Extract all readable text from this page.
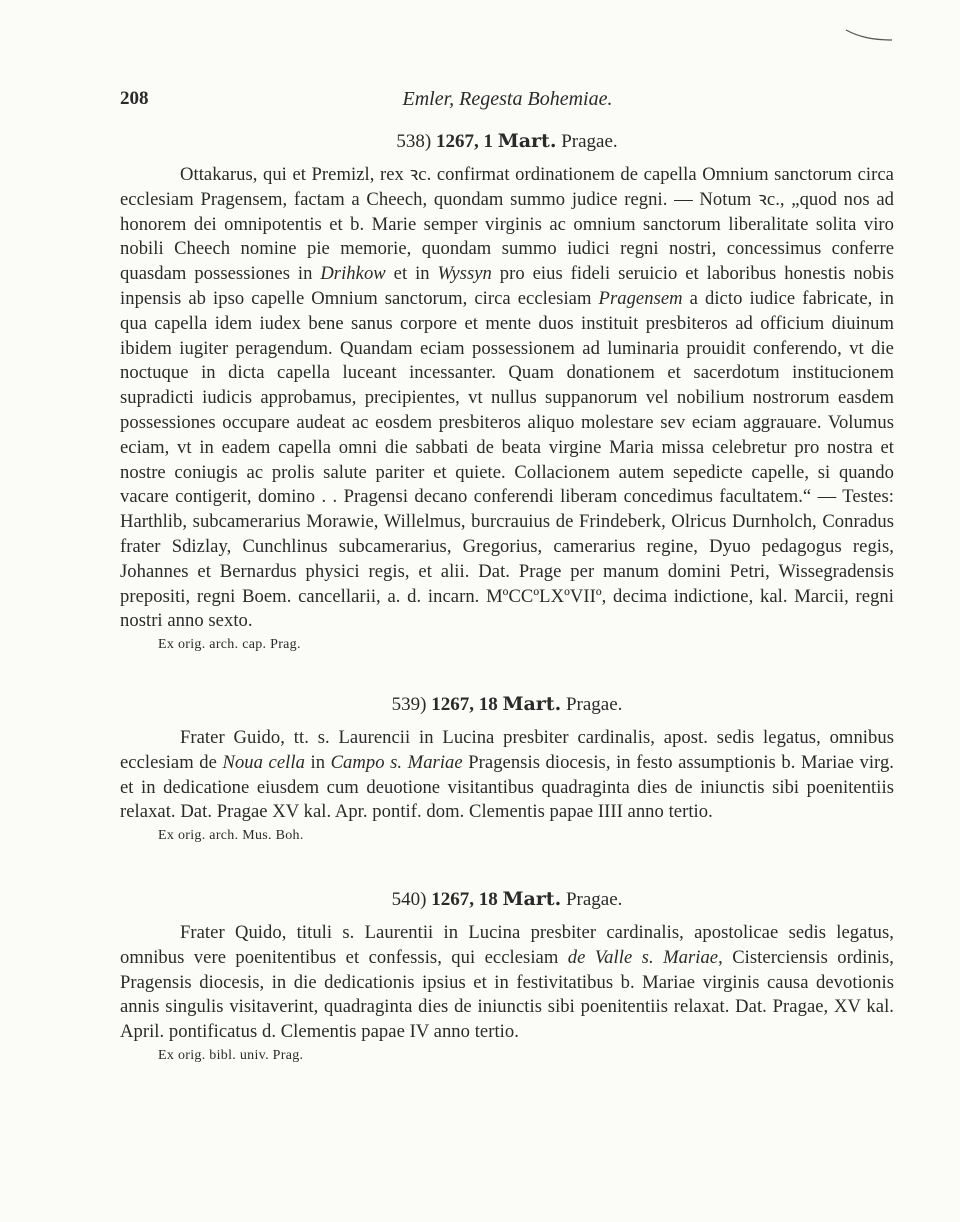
208	Emler, Regesta Bohemiae.
538) 1267, 1 Mart. Pragae.

Ottakarus, qui et Premizl, rex ꝛc. confirmat ordinationem de capella Omnium sanctorum circa ecclesiam Pragensem, factam a Cheech, quondam summo judice regni. — Notum ꝛc., „quod nos ad honorem dei omnipotentis et b. Marie semper virginis ac omnium sanctorum liberalitate solita viro nobili Cheech nomine pie memorie, quondam summo iudici regni nostri, concessimus conferre quasdam possessiones in Drihkow et in Wyssyn pro eius fideli seruicio et laboribus honestis nobis inpensis ab ipso capelle Omnium sanctorum, circa ecclesiam Pragensem a dicto iudice fabricate, in qua capella idem iudex bene sanus corpore et mente duos instituit presbiteros ad officium diuinum ibidem iugiter peragendum. Quandam eciam possessionem ad luminaria prouidit conferendo, vt die noctuque in dicta capella luceant incessanter. Quam donationem et sacerdotum institucionem supradicti iudicis approbamus, precipientes, vt nullus suppanorum vel nobilium nostrorum easdem possessiones occupare audeat ac eosdem presbiteros aliquo molestare sev eciam aggrauare. Volumus eciam, vt in eadem capella omni die sabbati de beata virgine Maria missa celebretur pro nostra et nostre coniugis ac prolis salute pariter et quiete. Collacionem autem sepedicte capelle, si quando vacare contigerit, domino . . Pragensi decano conferendi liberam concedimus facultatem.“ — Testes: Harthlib, subcamerarius Morawie, Willelmus, burcrauius de Frindeberk, Olricus Durnholch, Conradus frater Sdizlay, Cunchlinus subcamerarius, Gregorius, camerarius regine, Dyuo pedagogus regis, Johannes et Bernardus physici regis, et alii. Dat. Prage per manum domini Petri, Wissegradensis prepositi, regni Boem. cancellarii, a. d. incarn. MºCCºLXºVIIº, decima indictione, kal. Marcii, regni nostri anno sexto.

Ex orig. arch. cap. Prag.
539) 1267, 18 Mart. Pragae.

Frater Guido, tt. s. Laurencii in Lucina presbiter cardinalis, apost. sedis legatus, omnibus ecclesiam de Noua cella in Campo s. Mariae Pragensis diocesis, in festo assumptionis b. Mariae virg. et in dedicatione eiusdem cum deuotione visitantibus quadraginta dies de iniunctis sibi poenitentiis relaxat. Dat. Pragae XV kal. Apr. pontif. dom. Clementis papae IIII anno tertio.

Ex orig. arch. Mus. Boh.
540) 1267, 18 Mart. Pragae.

Frater Quido, tituli s. Laurentii in Lucina presbiter cardinalis, apostolicae sedis legatus, omnibus vere poenitentibus et confessis, qui ecclesiam de Valle s. Mariae, Cisterciensis ordinis, Pragensis diocesis, in die dedicationis ipsius et in festivitatibus b. Mariae virginis causa devotionis annis singulis visitaverint, quadraginta dies de iniunctis sibi poenitentiis relaxat. Dat. Pragae, XV kal. April. pontificatus d. Clementis papae IV anno tertio.

Ex orig. bibl. univ. Prag.
